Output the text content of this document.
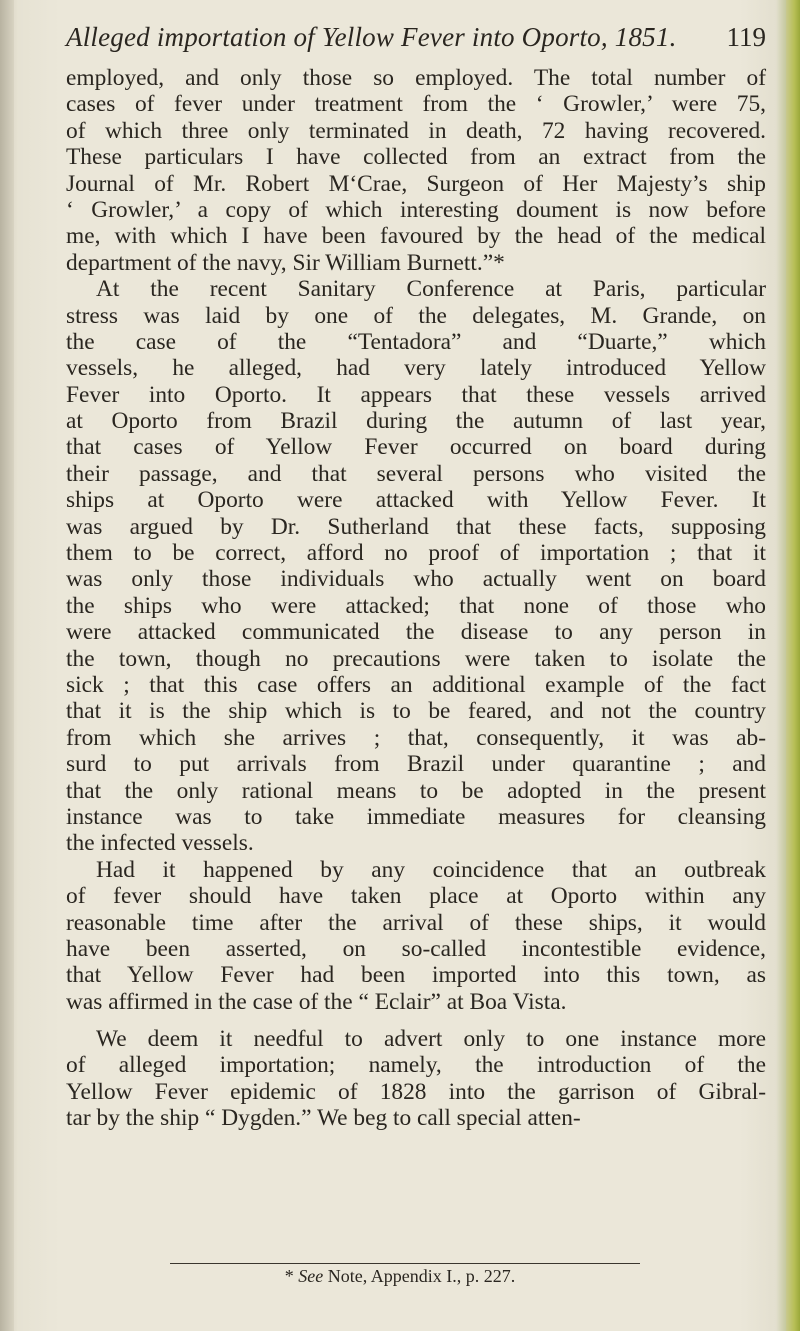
Alleged importation of Yellow Fever into Oporto, 1851. 119
employed, and only those so employed. The total number of
cases of fever under treatment from the ‘ Growler,’ were 75,
of which three only terminated in death, 72 having recovered.
These particulars I have collected from an extract from the
Journal of Mr. Robert M‘Crae, Surgeon of Her Majesty’s ship
‘ Growler,’ a copy of which interesting doument is now before
me, with which I have been favoured by the head of the medical
department of the navy, Sir William Burnett.”*
At the recent Sanitary Conference at Paris, particular
stress was laid by one of the delegates, M. Grande, on
the case of the “Tentadora” and “Duarte,” which
vessels, he alleged, had very lately introduced Yellow
Fever into Oporto. It appears that these vessels arrived
at Oporto from Brazil during the autumn of last year,
that cases of Yellow Fever occurred on board during
their passage, and that several persons who visited the
ships at Oporto were attacked with Yellow Fever. It
was argued by Dr. Sutherland that these facts, supposing
them to be correct, afford no proof of importation ; that it
was only those individuals who actually went on board
the ships who were attacked; that none of those who
were attacked communicated the disease to any person in
the town, though no precautions were taken to isolate the
sick ; that this case offers an additional example of the fact
that it is the ship which is to be feared, and not the country
from which she arrives ; that, consequently, it was ab-
surd to put arrivals from Brazil under quarantine ; and
that the only rational means to be adopted in the present
instance was to take immediate measures for cleansing
the infected vessels.
Had it happened by any coincidence that an outbreak
of fever should have taken place at Oporto within any
reasonable time after the arrival of these ships, it would
have been asserted, on so-called incontestible evidence,
that Yellow Fever had been imported into this town, as
was affirmed in the case of the “ Eclair” at Boa Vista.
We deem it needful to advert only to one instance more
of alleged importation; namely, the introduction of the
Yellow Fever epidemic of 1828 into the garrison of Gibral-
tar by the ship “ Dygden.” We beg to call special atten-
* See Note, Appendix I., p. 227.
